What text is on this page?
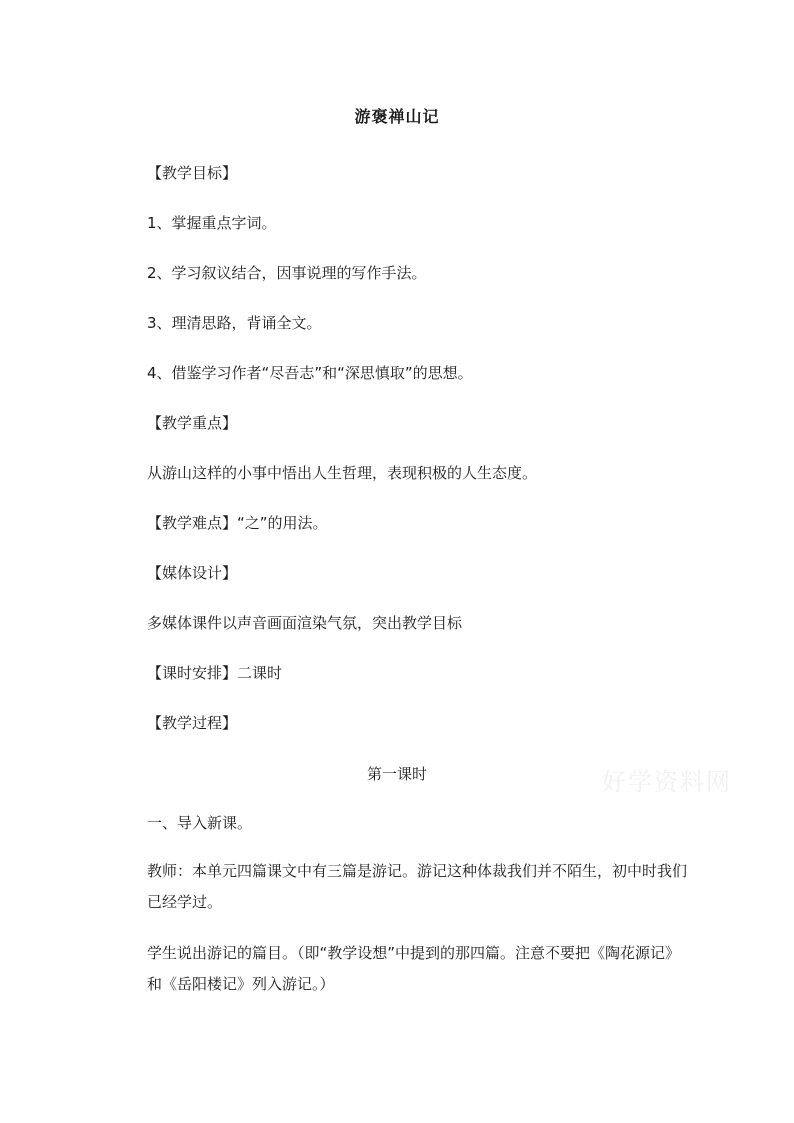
游褒禅山记
【教学目标】
1、掌握重点字词。
2、学习叙议结合，因事说理的写作手法。
3、理清思路，背诵全文。
4、借鉴学习作者“尽吾志”和“深思慎取”的思想。
【教学重点】
从游山这样的小事中悟出人生哲理，表现积极的人生态度。
【教学难点】“之”的用法。
【媒体设计】
多媒体课件以声音画面渲染气氛，突出教学目标
【课时安排】二课时
【教学过程】
第一课时
一、导入新课。
教师：本单元四篇课文中有三篇是游记。游记这种体裁我们并不陌生，初中时我们已经学过。
学生说出游记的篇目。（即“教学设想”中提到的那四篇。注意不要把《陶花源记》和《岳阳楼记》列入游记。）
好学资料网
